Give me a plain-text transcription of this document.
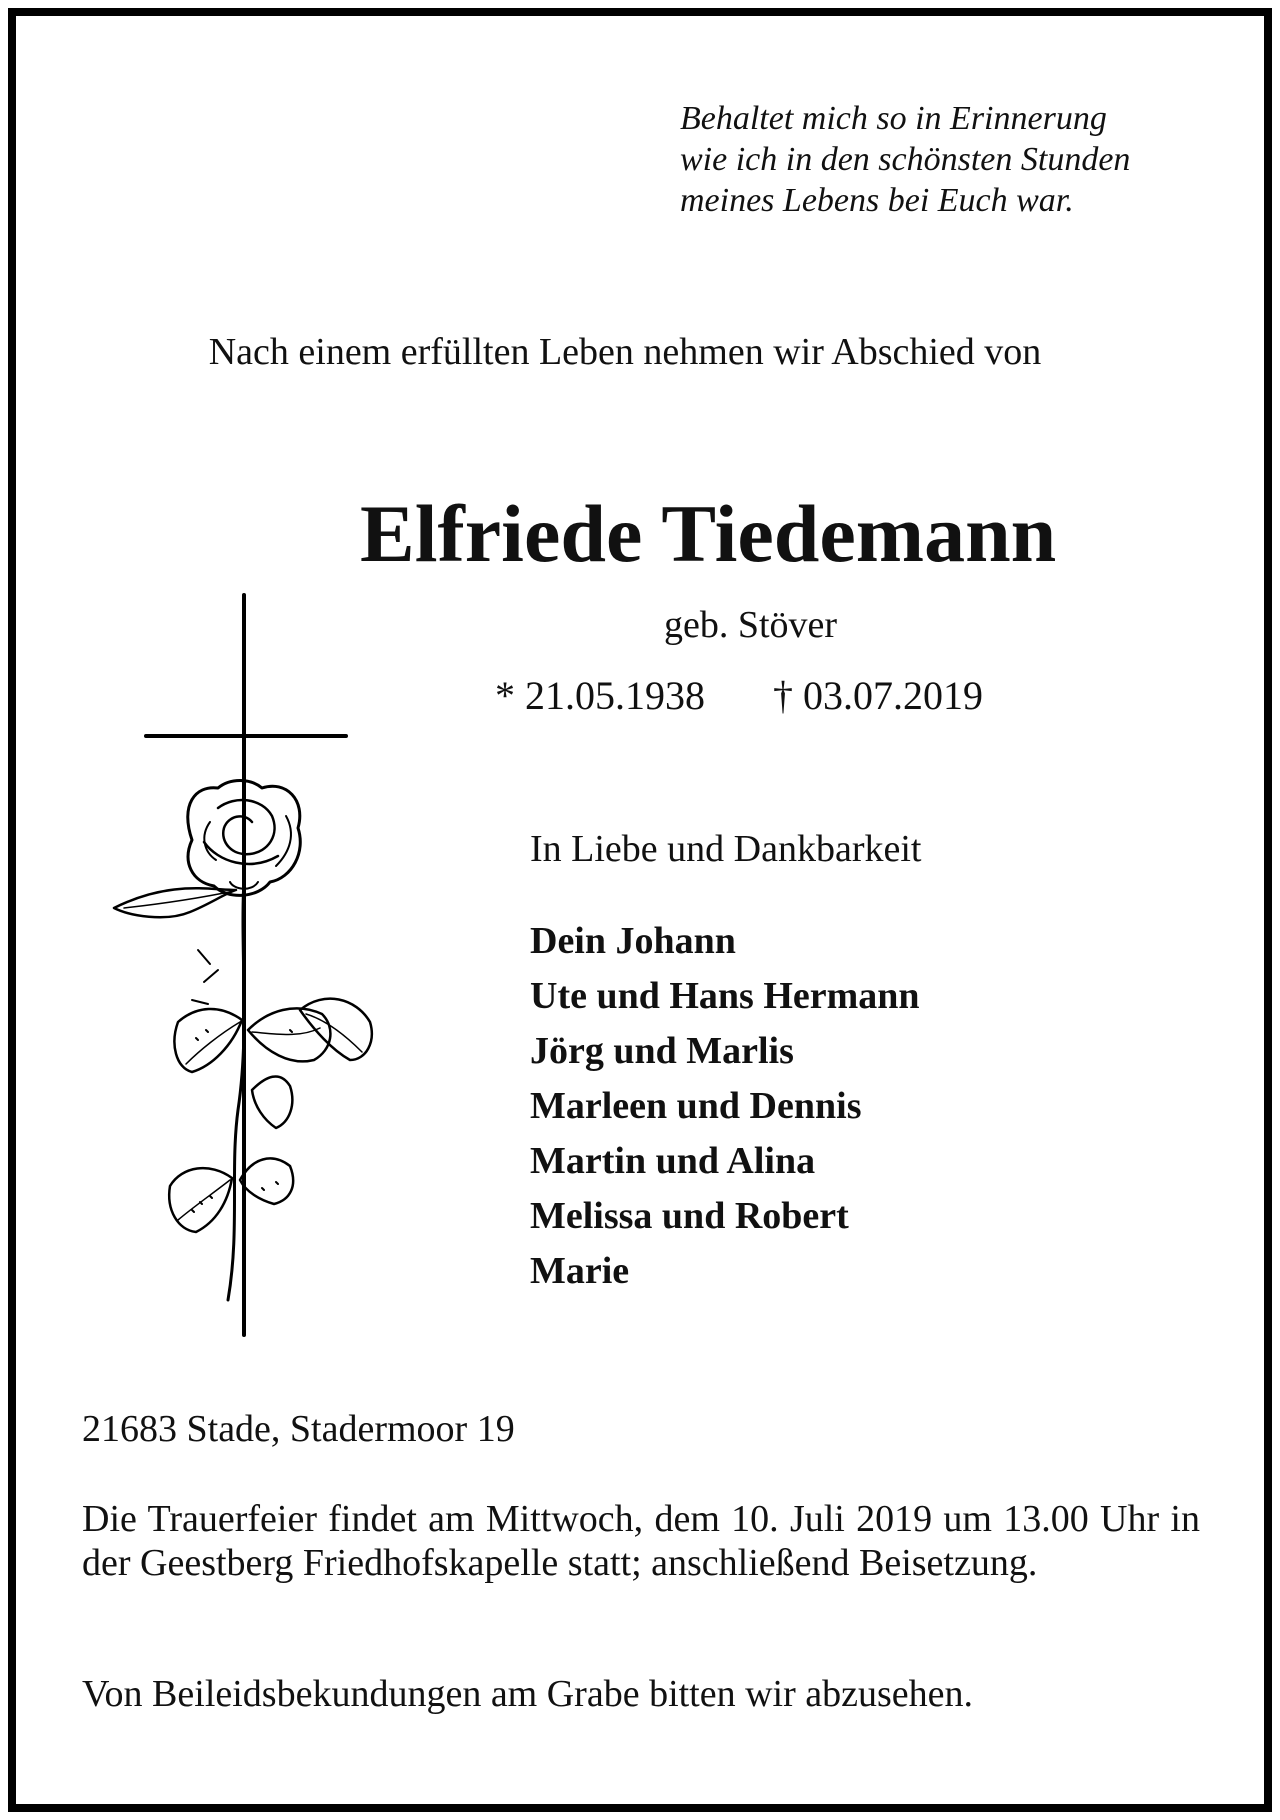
Behaltet mich so in Erinnerung
wie ich in den schönsten Stunden
meines Lebens bei Euch war.
Nach einem erfüllten Leben nehmen wir Abschied von
Elfriede Tiedemann
geb. Stöver
* 21.05.1938 † 03.07.2019
In Liebe und Dankbarkeit
Dein Johann
Ute und Hans Hermann
Jörg und Marlis
Marleen und Dennis
Martin und Alina
Melissa und Robert
Marie
21683 Stade, Stadermoor 19
Die Trauerfeier findet am Mittwoch, dem 10. Juli 2019 um 13.00 Uhr in der Geestberg Friedhofskapelle statt; anschließend Beisetzung.
Von Beileidsbekundungen am Grabe bitten wir abzusehen.
